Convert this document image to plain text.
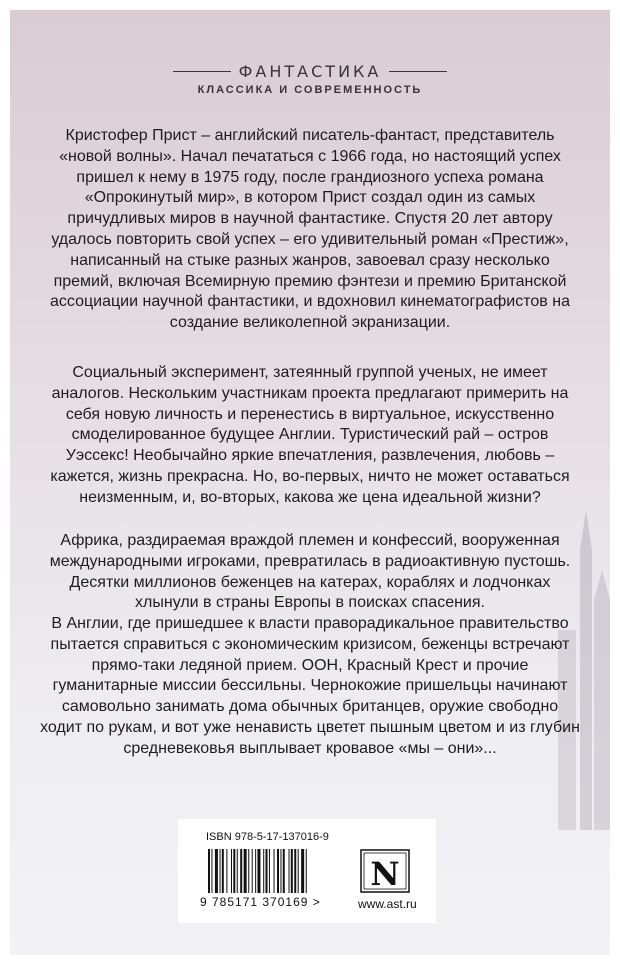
ФАНТАСТИКА
КЛАССИКА И СОВРЕМЕННОСТЬ

Кристофер Прист – английский писатель-фантаст, представитель «новой волны». Начал печататься с 1966 года, но настоящий успех пришел к нему в 1975 году, после грандиозного успеха романа «Опрокинутый мир», в котором Прист создал один из самых причудливых миров в научной фантастике. Спустя 20 лет автору удалось повторить свой успех – его удивительный роман «Престиж», написанный на стыке разных жанров, завоевал сразу несколько премий, включая Всемирную премию фэнтези и премию Британской ассоциации научной фантастики, и вдохновил кинематографистов на создание великолепной экранизации.

Социальный эксперимент, затеянный группой ученых, не имеет аналогов. Нескольким участникам проекта предлагают примерить на себя новую личность и перенестись в виртуальное, искусственно смоделированное будущее Англии. Туристический рай – остров Уэссекс! Необычайно яркие впечатления, развлечения, любовь – кажется, жизнь прекрасна. Но, во-первых, ничто не может оставаться неизменным, и, во-вторых, какова же цена идеальной жизни?

Африка, раздираемая враждой племен и конфессий, вооруженная международными игроками, превратилась в радиоактивную пустошь. Десятки миллионов беженцев на катерах, кораблях и лодчонках хлынули в страны Европы в поисках спасения.

В Англии, где пришедшее к власти праворадикальное правительство пытается справиться с экономическим кризисом, беженцы встречают прямо-таки ледяной прием. ООН, Красный Крест и прочие гуманитарные миссии бессильны. Чернокожие пришельцы начинают самовольно занимать дома обычных британцев, оружие свободно ходит по рукам, и вот уже ненависть цветет пышным цветом и из глубин средневековья выплывает кровавое «мы – они»...

ISBN 978-5-17-137016-9
9 785171 370169 >
N
www.ast.ru
